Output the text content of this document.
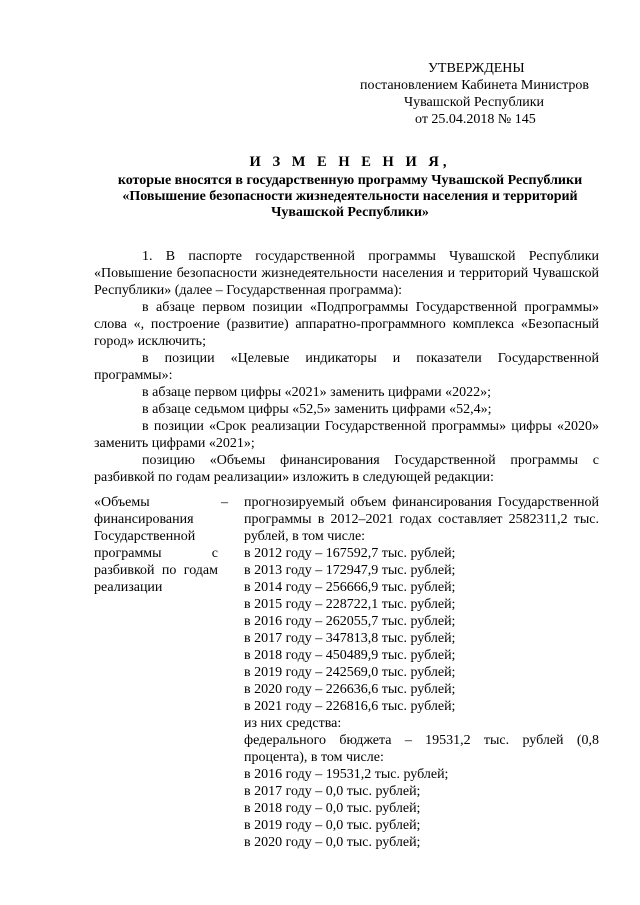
УТВЕРЖДЕНЫ
постановлением Кабинета Министров
Чувашской Республики
от 25.04.2018 № 145
И З М Е Н Е Н И Я,
которые вносятся в государственную программу Чувашской Республики «Повышение безопасности жизнедеятельности населения и территорий Чувашской Республики»

1. В паспорте государственной программы Чувашской Республики «Повышение безопасности жизнедеятельности населения и территорий Чувашской Республики» (далее – Государственная программа):

в абзаце первом позиции «Подпрограммы Государственной программы» слова «, построение (развитие) аппаратно-программного комплекса «Безопасный город» исключить;

в позиции «Целевые индикаторы и показатели Государственной программы»:

в абзаце первом цифры «2021» заменить цифрами «2022»;

в абзаце седьмом цифры «52,5» заменить цифрами «52,4»;

в позиции «Срок реализации Государственной программы» цифры «2020» заменить цифрами «2021»;

позицию «Объемы финансирования Государственной программы с разбивкой по годам реализации» изложить в следующей редакции:

«Объемы финансирования Государственной программы с разбивкой по годам реализации
–	прогнозируемый объем финансирования Государственной программы в 2012–2021 годах составляет 2582311,2 тыс. рублей, в том числе:
в 2012 году – 167592,7 тыс. рублей;
в 2013 году – 172947,9 тыс. рублей;
в 2014 году – 256666,9 тыс. рублей;
в 2015 году – 228722,1 тыс. рублей;
в 2016 году – 262055,7 тыс. рублей;
в 2017 году – 347813,8 тыс. рублей;
в 2018 году – 450489,9 тыс. рублей;
в 2019 году – 242569,0 тыс. рублей;
в 2020 году – 226636,6 тыс. рублей;
в 2021 году – 226816,6 тыс. рублей;
из них средства:
федерального бюджета – 19531,2 тыс. рублей (0,8 процента), в том числе:
в 2016 году – 19531,2 тыс. рублей;
в 2017 году – 0,0 тыс. рублей;
в 2018 году – 0,0 тыс. рублей;
в 2019 году – 0,0 тыс. рублей;
в 2020 году – 0,0 тыс. рублей;
